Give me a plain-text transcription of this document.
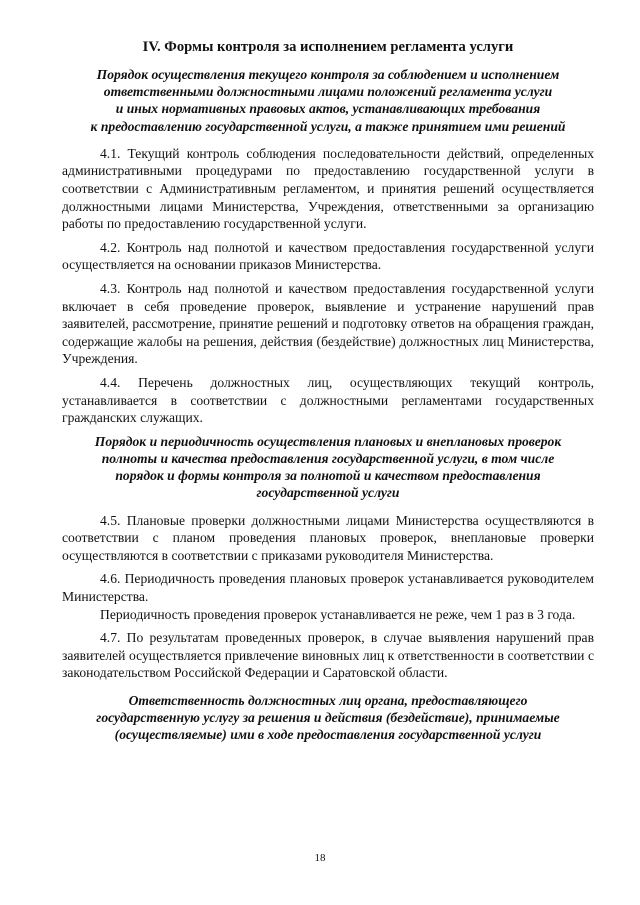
IV. Формы контроля за исполнением регламента услуги
Порядок осуществления текущего контроля за соблюдением и исполнением
ответственными должностными лицами положений регламента услуги
и иных нормативных правовых актов, устанавливающих требования
к предоставлению государственной услуги, а также принятием ими решений

4.1. Текущий контроль соблюдения последовательности действий, определенных административными процедурами по предоставлению государственной услуги в соответствии с Административным регламентом, и принятия решений осуществляется должностными лицами Министерства, Учреждения, ответственными за организацию работы по предоставлению государственной услуги.

4.2. Контроль над полнотой и качеством предоставления государственной услуги осуществляется на основании приказов Министерства.

4.3. Контроль над полнотой и качеством предоставления государственной услуги включает в себя проведение проверок, выявление и устранение нарушений прав заявителей, рассмотрение, принятие решений и подготовку ответов на обращения граждан, содержащие жалобы на решения, действия (бездействие) должностных лиц Министерства, Учреждения.

4.4. Перечень должностных лиц, осуществляющих текущий контроль, устанавливается в соответствии с должностными регламентами государственных гражданских служащих.

Порядок и периодичность осуществления плановых и внеплановых проверок
полноты и качества предоставления государственной услуги, в том числе
порядок и формы контроля за полнотой и качеством предоставления
государственной услуги

4.5. Плановые проверки должностными лицами Министерства осуществляются в соответствии с планом проведения плановых проверок, внеплановые проверки осуществляются в соответствии с приказами руководителя Министерства.

4.6. Периодичность проведения плановых проверок устанавливается руководителем Министерства.

Периодичность проведения проверок устанавливается не реже, чем 1 раз в 3 года.

4.7. По результатам проведенных проверок, в случае выявления нарушений прав заявителей осуществляется привлечение виновных лиц к ответственности в соответствии с законодательством Российской Федерации и Саратовской области.

Ответственность должностных лиц органа, предоставляющего
государственную услугу за решения и действия (бездействие), принимаемые
(осуществляемые) ими в ходе предоставления государственной услуги
18
